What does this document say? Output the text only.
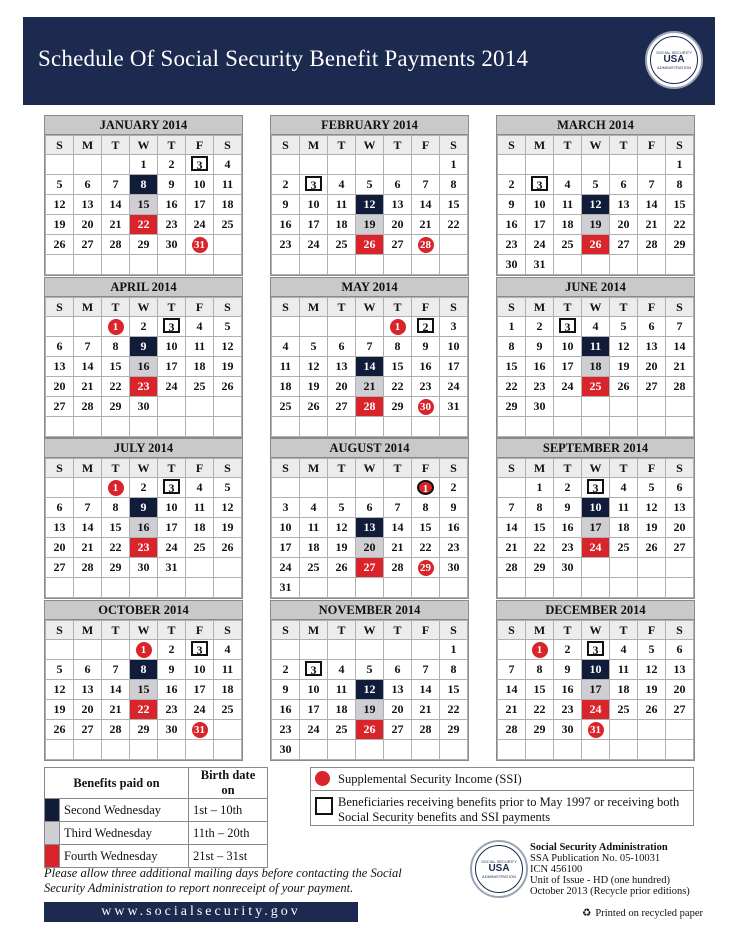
Schedule Of Social Security Benefit Payments 2014	SOCIAL SECURITY
USA
ADMINISTRATION
JANUARY 2014
S	M	T	W	T	F	S
			1	2	3	4
5	6	7	8	9	10	11
12	13	14	15	16	17	18
19	20	21	22	23	24	25
26	27	28	29	30	31	

FEBRUARY 2014
S	M	T	W	T	F	S
						1
2	3	4	5	6	7	8
9	10	11	12	13	14	15
16	17	18	19	20	21	22
23	24	25	26	27	28	

MARCH 2014
S	M	T	W	T	F	S
						1
2	3	4	5	6	7	8
9	10	11	12	13	14	15
16	17	18	19	20	21	22
23	24	25	26	27	28	29
30	31					
APRIL 2014
S	M	T	W	T	F	S
		1	2	3	4	5
6	7	8	9	10	11	12
13	14	15	16	17	18	19
20	21	22	23	24	25	26
27	28	29	30			

MAY 2014
S	M	T	W	T	F	S
				1	2	3
4	5	6	7	8	9	10
11	12	13	14	15	16	17
18	19	20	21	22	23	24
25	26	27	28	29	30	31

JUNE 2014
S	M	T	W	T	F	S
1	2	3	4	5	6	7
8	9	10	11	12	13	14
15	16	17	18	19	20	21
22	23	24	25	26	27	28
29	30					

JULY 2014
S	M	T	W	T	F	S
		1	2	3	4	5
6	7	8	9	10	11	12
13	14	15	16	17	18	19
20	21	22	23	24	25	26
27	28	29	30	31		

AUGUST 2014
S	M	T	W	T	F	S
					1	2
3	4	5	6	7	8	9
10	11	12	13	14	15	16
17	18	19	20	21	22	23
24	25	26	27	28	29	30
31						
SEPTEMBER 2014
S	M	T	W	T	F	S
	1	2	3	4	5	6
7	8	9	10	11	12	13
14	15	16	17	18	19	20
21	22	23	24	25	26	27
28	29	30				

OCTOBER 2014
S	M	T	W	T	F	S
			1	2	3	4
5	6	7	8	9	10	11
12	13	14	15	16	17	18
19	20	21	22	23	24	25
26	27	28	29	30	31	

NOVEMBER 2014
S	M	T	W	T	F	S
						1
2	3	4	5	6	7	8
9	10	11	12	13	14	15
16	17	18	19	20	21	22
23	24	25	26	27	28	29
30						
DECEMBER 2014
S	M	T	W	T	F	S
	1	2	3	4	5	6
7	8	9	10	11	12	13
14	15	16	17	18	19	20
21	22	23	24	25	26	27
28	29	30	31			

Benefits paid on		Birth date on
	Second Wednesday	1st – 10th
	Third Wednesday	11th – 20th
	Fourth Wednesday	21st – 31st
Supplemental Security Income (SSI)
Beneficiaries receiving benefits prior to May 1997 or receiving both Social Security benefits and SSI payments
Please allow three additional mailing days before contacting the Social Security Administration to report nonreceipt of your payment.
www.socialsecurity.gov
SOCIAL SECURITY
USA
ADMINISTRATION
Social Security Administration
SSA Publication No. 05-10031
ICN 456100
Unit of Issue - HD (one hundred)
October 2013 (Recycle prior editions)
♻ Printed on recycled paper
